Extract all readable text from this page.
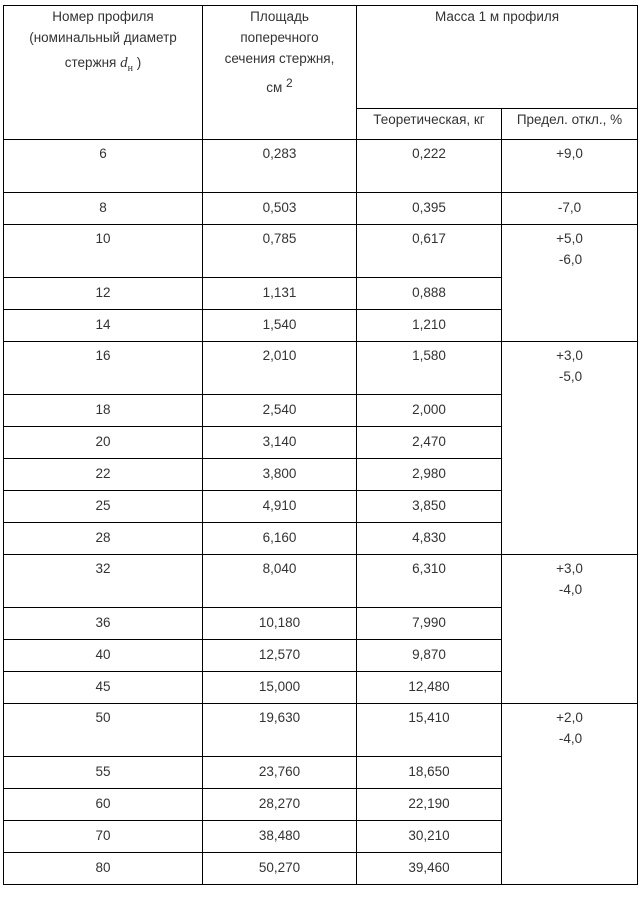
Номер профиля
(номинальный диаметр
стержня $d_н$ )	Площадь
поперечного
сечения стержня,
см $^2$	Масса 1 м профиля	
		Теоретическая, кг	Предел. откл., %
6	0,283	0,222	+9,0

8	0,503	0,395	-7,0

10	0,785	0,617	+5,0
-6,0

12	1,131	0,888	
14	1,540	1,210	
16	2,010	1,580	+3,0
-5,0

18	2,540	2,000	
20	3,140	2,470	
22	3,800	2,980	
25	4,910	3,850	
28	6,160	4,830	
32	8,040	6,310	+3,0
-4,0

36	10,180	7,990	
40	12,570	9,870	
45	15,000	12,480	
50	19,630	15,410	+2,0
-4,0

55	23,760	18,650	
60	28,270	22,190	
70	38,480	30,210	
80	50,270	39,460	
